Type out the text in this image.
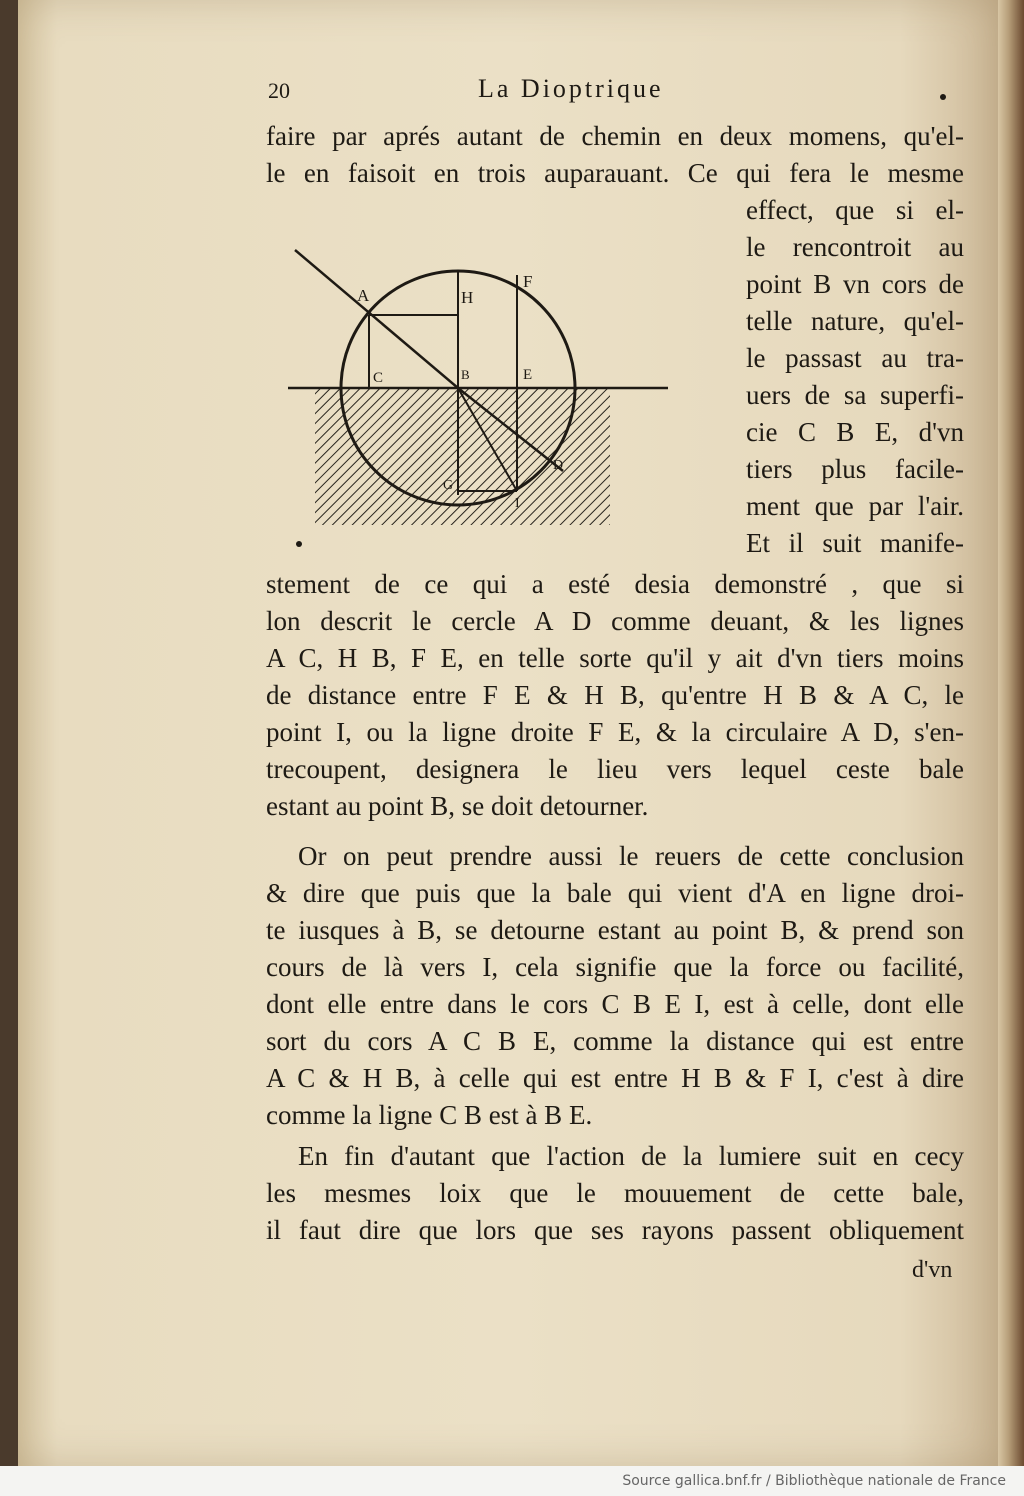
20	La Dioptrique
faire par aprés autant de chemin en deux momens, qu'el-
le en faisoit en trois auparauant. Ce qui fera le mesme
effect, que si el-
le rencontroit au
point B vn cors de
telle nature, qu'el-
le passast au tra-
uers de sa superfi-
cie C B E, d'vn
tiers plus facile-
ment que par l'air.
Et il suit manife-
A	H
F
C	B	E
G
I
D
stement de ce qui a esté desia demonstré , que si
lon descrit le cercle A D comme deuant, & les lignes
A C, H B, F E, en telle sorte qu'il y ait d'vn tiers moins
de distance entre F E & H B, qu'entre H B & A C, le
point I, ou la ligne droite F E, & la circulaire A D, s'en-
trecoupent, designera le lieu vers lequel ceste bale
estant au point B, se doit detourner.
Or on peut prendre aussi le reuers de cette conclusion
& dire que puis que la bale qui vient d'A en ligne droi-
te iusques à B, se detourne estant au point B, & prend son
cours de là vers I, cela signifie que la force ou facilité,
dont elle entre dans le cors C B E I, est à celle, dont elle
sort du cors A C B E, comme la distance qui est entre
A C & H B, à celle qui est entre H B & F I, c'est à dire
comme la ligne C B est à B E.
En fin d'autant que l'action de la lumiere suit en cecy
les mesmes loix que le mouuement de cette bale,
il faut dire que lors que ses rayons passent obliquement
d'vn
Source gallica.bnf.fr / Bibliothèque nationale de France
